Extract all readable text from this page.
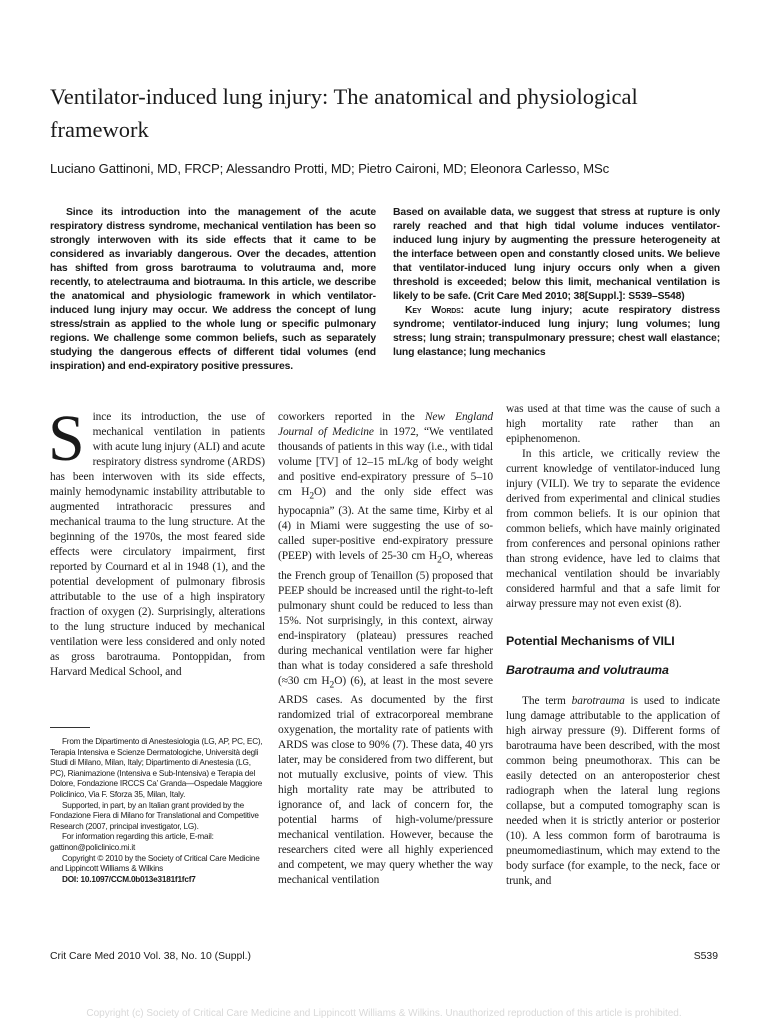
Ventilator-induced lung injury: The anatomical and physiological framework
Luciano Gattinoni, MD, FRCP; Alessandro Protti, MD; Pietro Caironi, MD; Eleonora Carlesso, MSc
Since its introduction into the management of the acute respiratory distress syndrome, mechanical ventilation has been so strongly interwoven with its side effects that it came to be considered as invariably dangerous. Over the decades, attention has shifted from gross barotrauma to volutrauma and, more recently, to atelectrauma and biotrauma. In this article, we describe the anatomical and physiologic framework in which ventilator-induced lung injury may occur. We address the concept of lung stress/strain as applied to the whole lung or specific pulmonary regions. We challenge some common beliefs, such as separately studying the dangerous effects of different tidal volumes (end inspiration) and end-expiratory positive pressures.
Based on available data, we suggest that stress at rupture is only rarely reached and that high tidal volume induces ventilator-induced lung injury by augmenting the pressure heterogeneity at the interface between open and constantly closed units. We believe that ventilator-induced lung injury occurs only when a given threshold is exceeded; below this limit, mechanical ventilation is likely to be safe. (Crit Care Med 2010; 38[Suppl.]: S539–S548)
Key Words: acute lung injury; acute respiratory distress syndrome; ventilator-induced lung injury; lung volumes; lung stress; lung strain; transpulmonary pressure; chest wall elastance; lung elastance; lung mechanics
S ince its introduction, the use of mechanical ventilation in patients with acute lung injury (ALI) and acute respiratory distress syndrome (ARDS) has been interwoven with its side effects, mainly hemodynamic instability attributable to augmented intrathoracic pressures and mechanical trauma to the lung structure. At the beginning of the 1970s, the most feared side effects were circulatory impairment, first reported by Cournard et al in 1948 (1), and the potential development of pulmonary fibrosis attributable to the use of a high inspiratory fraction of oxygen (2). Surprisingly, alterations to the lung structure induced by mechanical ventilation were less considered and only noted as gross barotrauma. Pontoppidan, from Harvard Medical School, and

coworkers reported in the New England Journal of Medicine in 1972, “We ventilated thousands of patients in this way (i.e., with tidal volume [TV] of 12–15 mL/kg of body weight and positive end-expiratory pressure of 5–10 cm $H_2O$) and the only side effect was hypocapnia” (3). At the same time, Kirby et al (4) in Miami were suggesting the use of so-called super-positive end-expiratory pressure (PEEP) with levels of 25-30 cm $H_2O$, whereas the French group of Tenaillon (5) proposed that PEEP should be increased until the right-to-left pulmonary shunt could be reduced to less than 15%. Not surprisingly, in this context, airway end-inspiratory (plateau) pressures reached during mechanical ventilation were far higher than what is today considered a safe threshold (≈30 cm $H_2O$) (6), at least in the most severe ARDS cases. As documented by the first randomized trial of extracorporeal membrane oxygenation, the mortality rate of patients with ARDS was close to 90% (7). These data, 40 yrs later, may be considered from two different, but not mutually exclusive, points of view. This high mortality rate may be attributed to ignorance of, and lack of concern for, the potential harms of high-volume/pressure mechanical ventilation. However, because the researchers cited were all highly experienced and competent, we may query whether the way mechanical ventilation

was used at that time was the cause of such a high mortality rate rather than an epiphenomenon.

In this article, we critically review the current knowledge of ventilator-induced lung injury (VILI). We try to separate the evidence derived from experimental and clinical studies from common beliefs. It is our opinion that common beliefs, which have mainly originated from conferences and personal opinions rather than strong evidence, have led to claims that mechanical ventilation should be invariably considered harmful and that a safe limit for airway pressure may not even exist (8).

Potential Mechanisms of VILI
Barotrauma and volutrauma

The term barotrauma is used to indicate lung damage attributable to the application of high airway pressure (9). Different forms of barotrauma have been described, with the most common being pneumothorax. This can be easily detected on an anteroposterior chest radiograph when the lateral lung regions collapse, but a computed tomography scan is needed when it is strictly anterior or posterior (10). A less common form of barotrauma is pneumomediastinum, which may extend to the body surface (for example, to the neck, face or trunk, and

From the Dipartimento di Anestesiologia (LG, AP, PC, EC), Terapia Intensiva e Scienze Dermatologiche, Università degli Studi di Milano, Milan, Italy; Dipartimento di Anestesia (LG, PC), Rianimazione (Intensiva e Sub-Intensiva) e Terapia del Dolore, Fondazione IRCCS Ca’ Granda—Ospedale Maggiore Policlinico, Via F. Sforza 35, Milan, Italy.

Supported, in part, by an Italian grant provided by the Fondazione Fiera di Milano for Translational and Competitive Research (2007, principal investigator, LG).

For information regarding this article, E-mail: gattinon@policlinico.mi.it

Copyright © 2010 by the Society of Critical Care Medicine and Lippincott Williams & Wilkins

DOI: 10.1097/CCM.0b013e3181f1fcf7

Crit Care Med 2010 Vol. 38, No. 10 (Suppl.)	S539
Copyright (c) Society of Critical Care Medicine and Lippincott Williams & Wilkins. Unauthorized reproduction of this article is prohibited.
